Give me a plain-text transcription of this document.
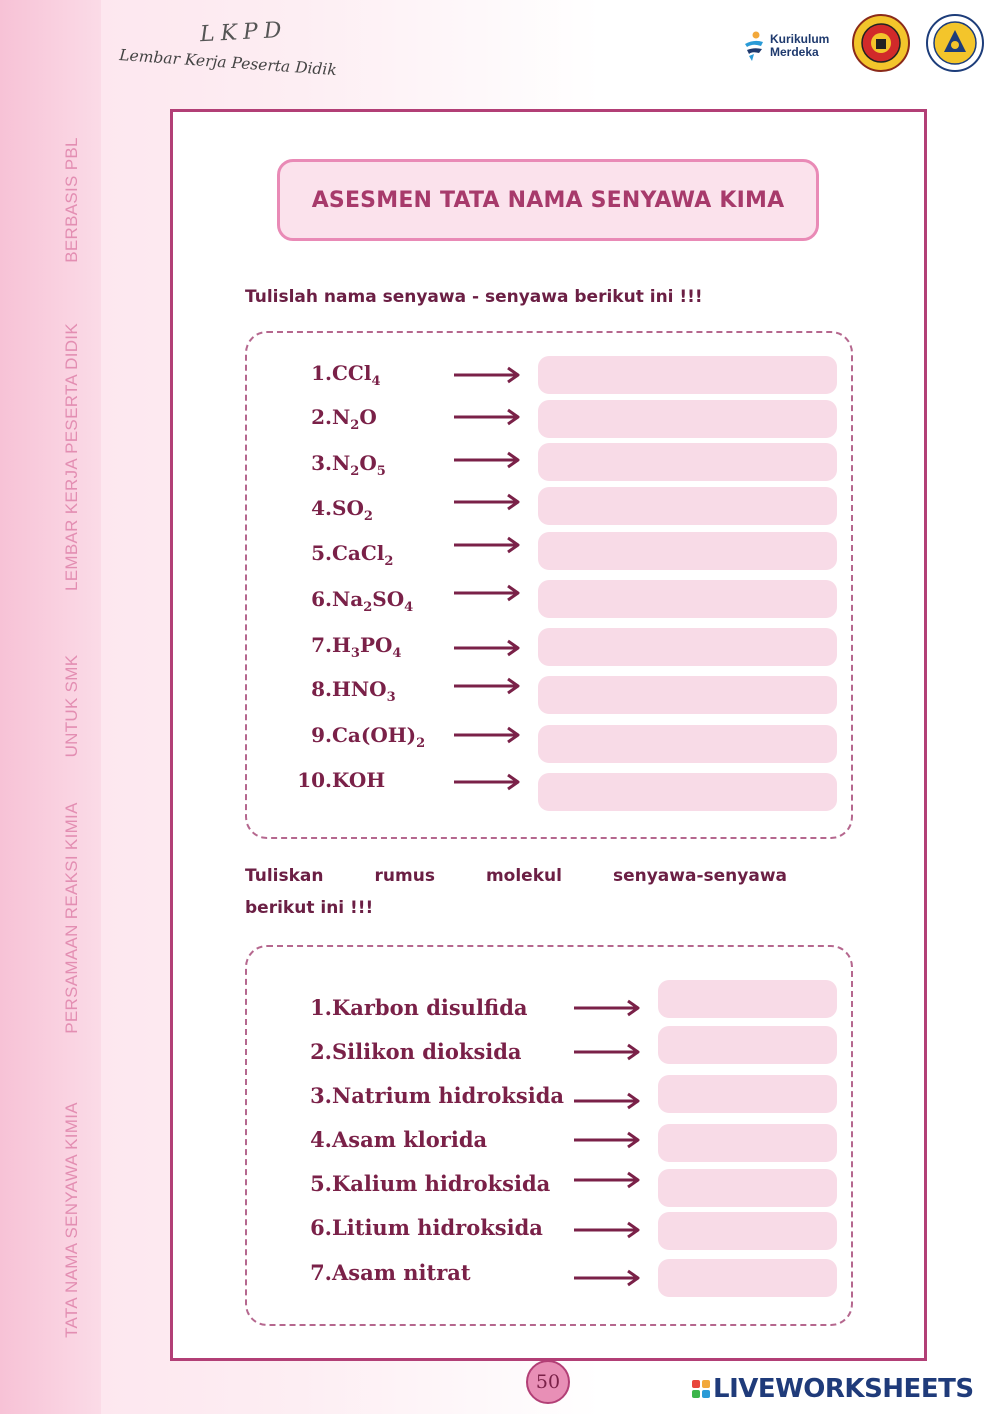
BERBASIS PBL
LEMBAR KERJA PESERTA DIDIK
UNTUK SMK
PERSAMAAN REAKSI KIMIA
TATA NAMA SENYAWA KIMIA
LKPD
Lembar Kerja Peserta Didik
Kurikulum
Merdeka
ASESMEN TATA NAMA SENYAWA KIMA
Tulislah nama senyawa - senyawa berikut ini !!!
1.CCl$_4$
$2.N_2O$
$3.N_2O_5$
$4.SO_2$
5.CaCl$_2$
$6.Na_2SO_4$
$7.H_3PO_4$
$8.HNO_3$
$9.Ca(OH)_2$
10.KOH
Tuliskan rumus molekul senyawa-senyawa
berikut ini !!!
1.Karbon disulfida
2.Silikon dioksida
3.Natrium hidroksida
4.Asam klorida
5.Kalium hidroksida
6.Litium hidroksida
7.Asam nitrat
50	LIVEWORKSHEETS
